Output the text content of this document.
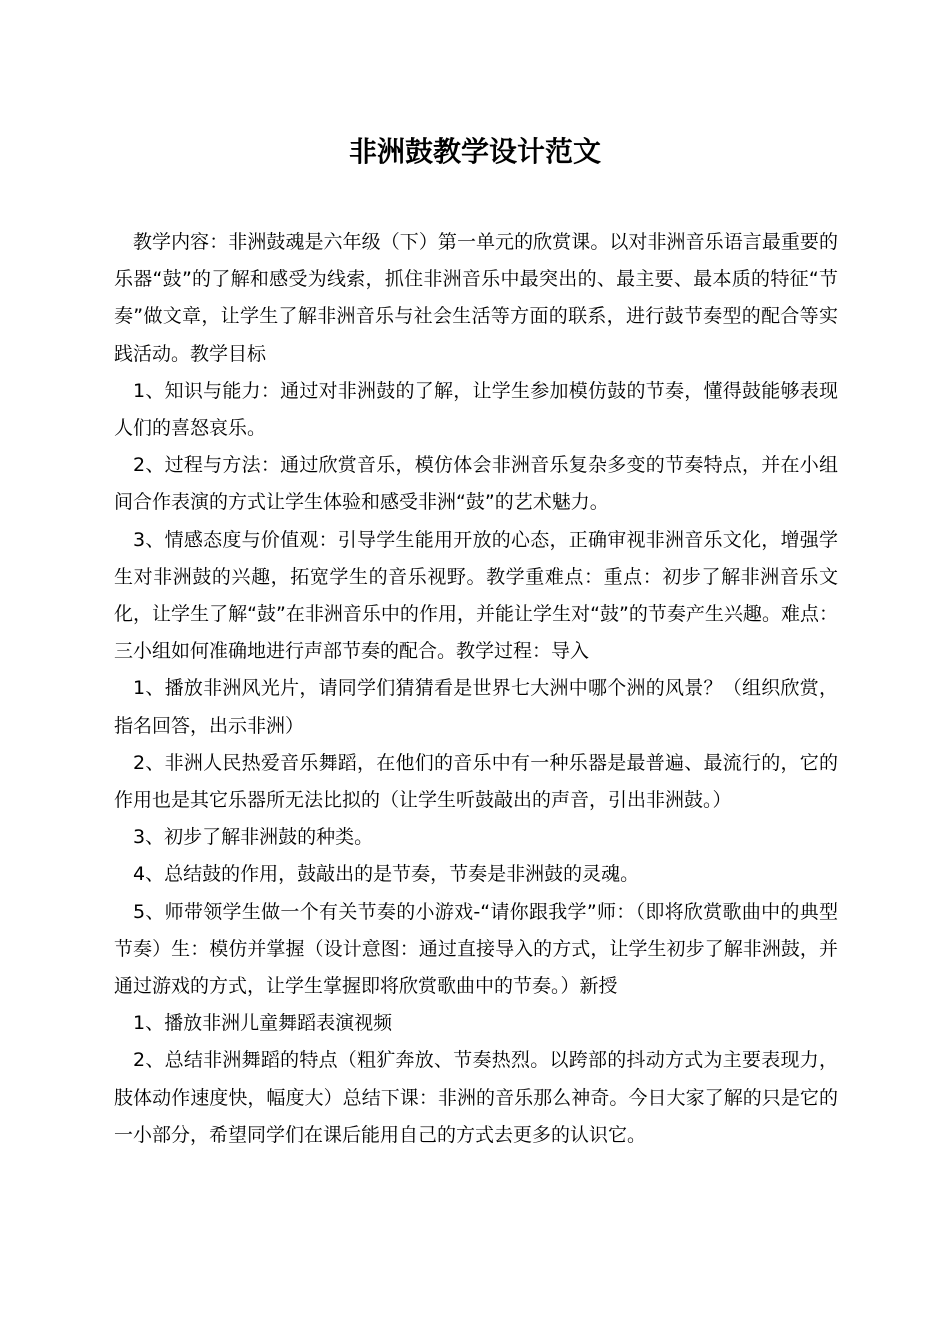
非洲鼓教学设计范文

教学内容：非洲鼓魂是六年级（下）第一单元的欣赏课。以对非洲音乐语言最重要的乐器“鼓”的了解和感受为线索，抓住非洲音乐中最突出的、最主要、最本质的特征“节奏”做文章，让学生了解非洲音乐与社会生活等方面的联系，进行鼓节奏型的配合等实践活动。教学目标

1、知识与能力：通过对非洲鼓的了解，让学生参加模仿鼓的节奏，懂得鼓能够表现人们的喜怒哀乐。

2、过程与方法：通过欣赏音乐，模仿体会非洲音乐复杂多变的节奏特点，并在小组间合作表演的方式让学生体验和感受非洲“鼓”的艺术魅力。

3、情感态度与价值观：引导学生能用开放的心态，正确审视非洲音乐文化，增强学生对非洲鼓的兴趣，拓宽学生的音乐视野。教学重难点：重点：初步了解非洲音乐文化，让学生了解“鼓”在非洲音乐中的作用，并能让学生对“鼓”的节奏产生兴趣。难点：三小组如何准确地进行声部节奏的配合。教学过程：导入

1、播放非洲风光片，请同学们猜猜看是世界七大洲中哪个洲的风景？（组织欣赏，指名回答，出示非洲）

2、非洲人民热爱音乐舞蹈，在他们的音乐中有一种乐器是最普遍、最流行的，它的作用也是其它乐器所无法比拟的（让学生听鼓敲出的声音，引出非洲鼓。）

3、初步了解非洲鼓的种类。

4、总结鼓的作用，鼓敲出的是节奏，节奏是非洲鼓的灵魂。

5、师带领学生做一个有关节奏的小游戏-“请你跟我学”师：（即将欣赏歌曲中的典型节奏）生：模仿并掌握（设计意图：通过直接导入的方式，让学生初步了解非洲鼓，并通过游戏的方式，让学生掌握即将欣赏歌曲中的节奏。）新授

1、播放非洲儿童舞蹈表演视频

2、总结非洲舞蹈的特点（粗犷奔放、节奏热烈。以跨部的抖动方式为主要表现力，肢体动作速度快，幅度大）总结下课：非洲的音乐那么神奇。今日大家了解的只是它的一小部分，希望同学们在课后能用自己的方式去更多的认识它。
